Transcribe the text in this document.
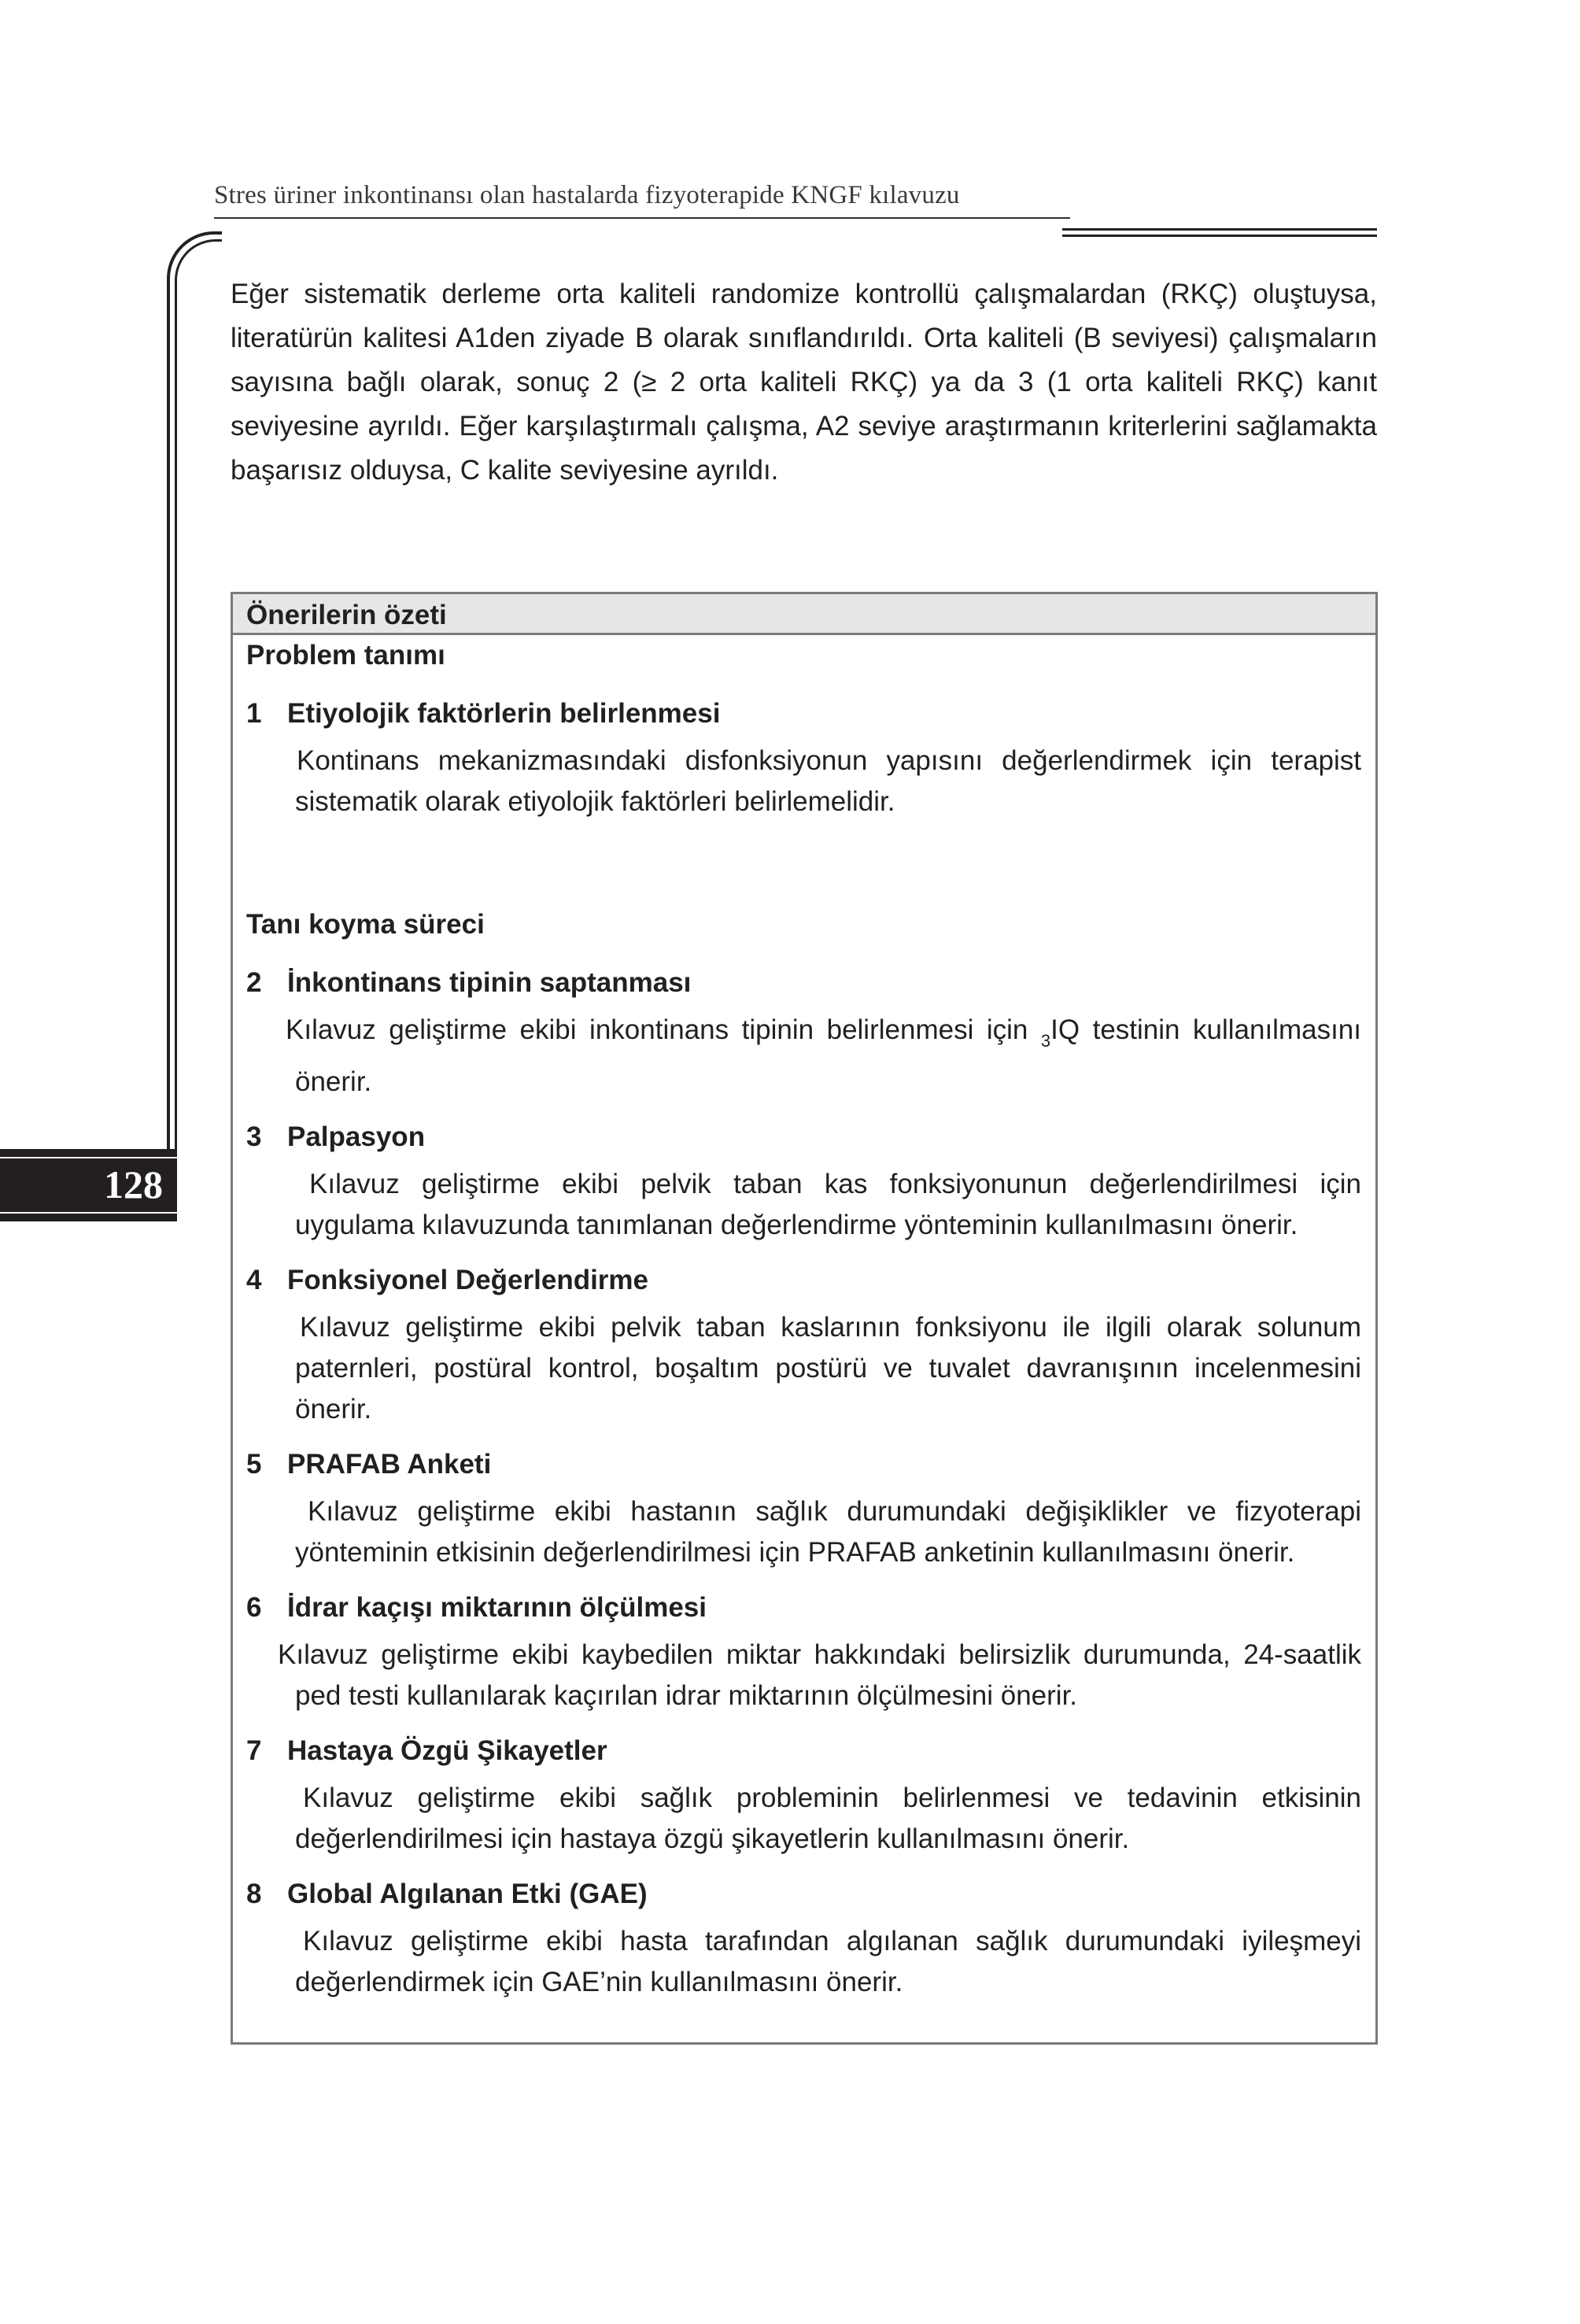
Stres üriner inkontinansı olan hastalarda fizyoterapide KNGF kılavuzu
128

Eğer sistematik derleme orta kaliteli randomize kontrollü çalışmalardan (RKÇ) oluştuysa, literatürün kalitesi A1den ziyade B olarak sınıflandırıldı. Orta kaliteli (B seviyesi) çalışmaların sayısına bağlı olarak, sonuç 2 (≥ 2 orta kaliteli RKÇ) ya da 3 (1 orta kaliteli RKÇ) kanıt seviyesine ayrıldı. Eğer karşılaştırmalı çalışma, A2 seviye araştırmanın kriterlerini sağlamakta başarısız olduysa, C kalite seviyesine ayrıldı.

Önerilerin özeti
Problem tanımı
1 Etiyolojik faktörlerin belirlenmesi

Kontinans mekanizmasındaki disfonksiyonun yapısını değerlendirmek için terapist sistematik olarak etiyolojik faktörleri belirlemelidir.

Tanı koyma süreci
2 İnkontinans tipinin saptanması

Kılavuz geliştirme ekibi inkontinans tipinin belirlenmesi için $_3$IQ testinin kullanılmasını önerir.

3 Palpasyon

Kılavuz geliştirme ekibi pelvik taban kas fonksiyonunun değerlendirilmesi için uygulama kılavuzunda tanımlanan değerlendirme yönteminin kullanılmasını önerir.

4 Fonksiyonel Değerlendirme

Kılavuz geliştirme ekibi pelvik taban kaslarının fonksiyonu ile ilgili olarak solunum paternleri, postüral kontrol, boşaltım postürü ve tuvalet davranışının incelenmesini önerir.

5 PRAFAB Anketi

Kılavuz geliştirme ekibi hastanın sağlık durumundaki değişiklikler ve fizyoterapi yönteminin etkisinin değerlendirilmesi için PRAFAB anketinin kullanılmasını önerir.

6 İdrar kaçışı miktarının ölçülmesi

Kılavuz geliştirme ekibi kaybedilen miktar hakkındaki belirsizlik durumunda, 24-saatlik ped testi kullanılarak kaçırılan idrar miktarının ölçülmesini önerir.

7 Hastaya Özgü Şikayetler

Kılavuz geliştirme ekibi sağlık probleminin belirlenmesi ve tedavinin etkisinin değerlendirilmesi için hastaya özgü şikayetlerin kullanılmasını önerir.

8 Global Algılanan Etki (GAE)

Kılavuz geliştirme ekibi hasta tarafından algılanan sağlık durumundaki iyileşmeyi değerlendirmek için GAE’nin kullanılmasını önerir.
